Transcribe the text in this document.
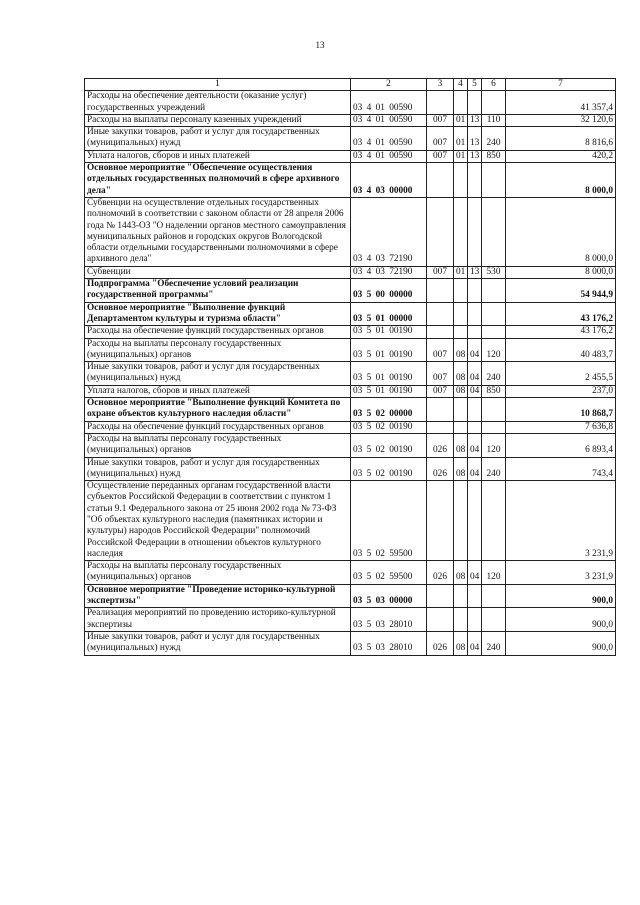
13
1	2	3	4	5	6	7
Расходы на обеспечение деятельности (оказание услуг) государственных учреждений	03 4 01 00590					41 357,4
Расходы на выплаты персоналу казенных учреждений	03 4 01 00590	007	01	13	110	32 120,6
Иные закупки товаров, работ и услуг для государственных (муниципальных) нужд	03 4 01 00590	007	01	13	240	8 816,6
Уплата налогов, сборов и иных платежей	03 4 01 00590	007	01	13	850	420,2
Основное мероприятие "Обеспечение осуществления отдельных государственных полномочий в сфере архивного дела"	03 4 03 00000					8 000,0
Субвенции на осуществление отдельных государственных полномочий в соответствии с законом области от 28 апреля 2006 года № 1443-ОЗ "О наделении органов местного самоуправления муниципальных районов и городских округов Вологодской области отдельными государственными полномочиями в сфере архивного дела"	03 4 03 72190					8 000,0
Субвенции	03 4 03 72190	007	01	13	530	8 000,0
Подпрограмма "Обеспечение условий реализации государственной программы"	03 5 00 00000					54 944,9
Основное мероприятие "Выполнение функций Департаментом культуры и туризма области"	03 5 01 00000					43 176,2
Расходы на обеспечение функций государственных органов	03 5 01 00190					43 176,2
Расходы на выплаты персоналу государственных (муниципальных) органов	03 5 01 00190	007	08	04	120	40 483,7
Иные закупки товаров, работ и услуг для государственных (муниципальных) нужд	03 5 01 00190	007	08	04	240	2 455,5
Уплата налогов, сборов и иных платежей	03 5 01 00190	007	08	04	850	237,0
Основное мероприятие "Выполнение функций Комитета по охране объектов культурного наследия области"	03 5 02 00000					10 868,7
Расходы на обеспечение функций государственных органов	03 5 02 00190					7 636,8
Расходы на выплаты персоналу государственных (муниципальных) органов	03 5 02 00190	026	08	04	120	6 893,4
Иные закупки товаров, работ и услуг для государственных (муниципальных) нужд	03 5 02 00190	026	08	04	240	743,4
Осуществление переданных органам государственной власти субъектов Российской Федерации в соответствии с пунктом 1 статьи 9.1 Федерального закона от 25 июня 2002 года № 73-ФЗ "Об объектах культурного наследия (памятниках истории и культуры) народов Российской Федерации" полномочий Российской Федерации в отношении объектов культурного наследия	03 5 02 59500					3 231,9
Расходы на выплаты персоналу государственных (муниципальных) органов	03 5 02 59500	026	08	04	120	3 231,9
Основное мероприятие "Проведение историко-культурной экспертизы"	03 5 03 00000					900,0
Реализация мероприятий по проведению историко-культурной экспертизы	03 5 03 28010					900,0
Иные закупки товаров, работ и услуг для государственных (муниципальных) нужд	03 5 03 28010	026	08	04	240	900,0
